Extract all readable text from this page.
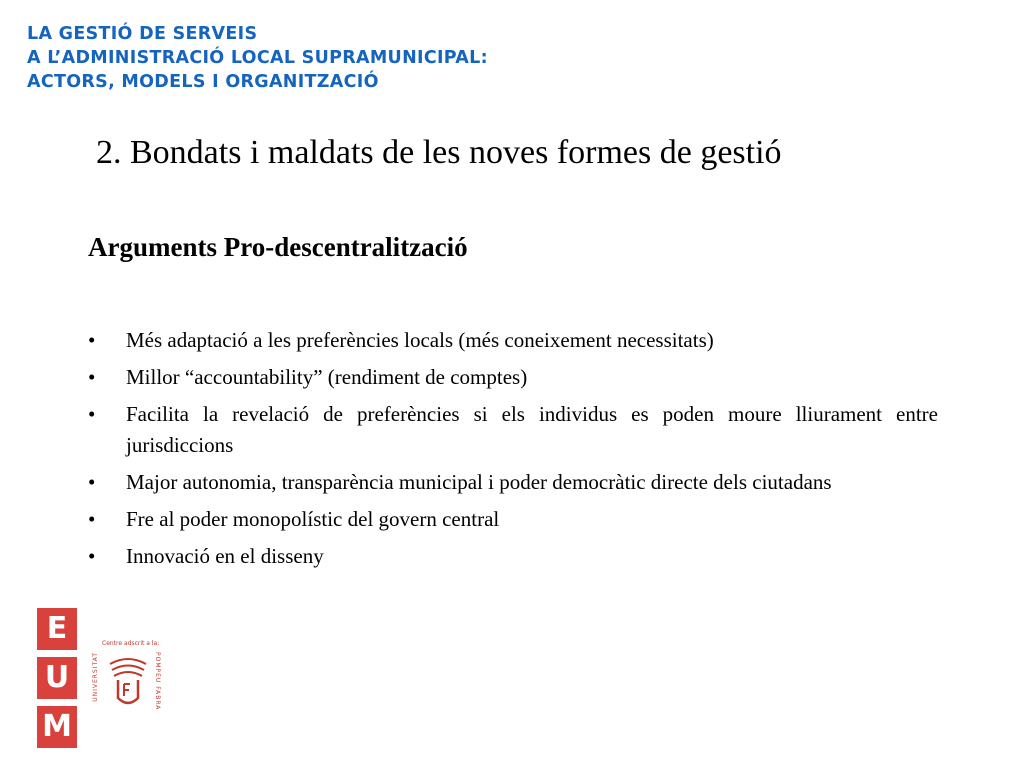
LA GESTIÓ DE SERVEIS
A L’ADMINISTRACIÓ LOCAL SUPRAMUNICIPAL:
ACTORS, MODELS I ORGANITZACIÓ
2. Bondats i maldats de les noves formes de gestió
Arguments Pro-descentralització
• Més adaptació a les preferències locals (més coneixement necessitats)
• Millor “accountability” (rendiment de comptes)
• Facilita la revelació de preferències si els individus es poden moure lliurament entre jurisdiccions
• Major autonomia, transparència municipal i poder democràtic directe dels ciutadans
• Fre al poder monopolístic del govern central
• Innovació en el disseny
E
U
M
Centre adscrit a la:
UNIVERSITAT	POMPEU FABRA
